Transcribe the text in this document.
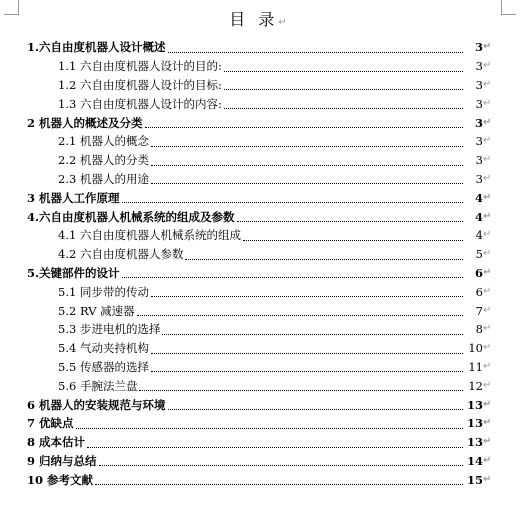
目 录↵
1.六自由度机器人设计概述	3 ↵
1.1 六自由度机器人设计的目的:	3 ↵
1.2 六自由度机器人设计的目标:	3 ↵
1.3 六自由度机器人设计的内容:	3 ↵
2 机器人的概述及分类	3 ↵
2.1 机器人的概念	3 ↵
2.2 机器人的分类	3 ↵
2.3 机器人的用途	3 ↵
3 机器人工作原理	4 ↵
4.六自由度机器人机械系统的组成及参数	4 ↵
4.1 六自由度机器人机械系统的组成	4 ↵
4.2 六自由度机器人参数	5 ↵
5.关键部件的设计	6 ↵
5.1 同步带的传动	6 ↵
5.2 RV 减速器	7 ↵
5.3 步进电机的选择	8 ↵
5.4 气动夹持机构	10 ↵
5.5 传感器的选择	11 ↵
5.6 手腕法兰盘	12 ↵
6 机器人的安装规范与环境	13 ↵
7 优缺点	13 ↵
8 成本估计	13 ↵
9 归纳与总结	14 ↵
10 参考文献	15 ↵
